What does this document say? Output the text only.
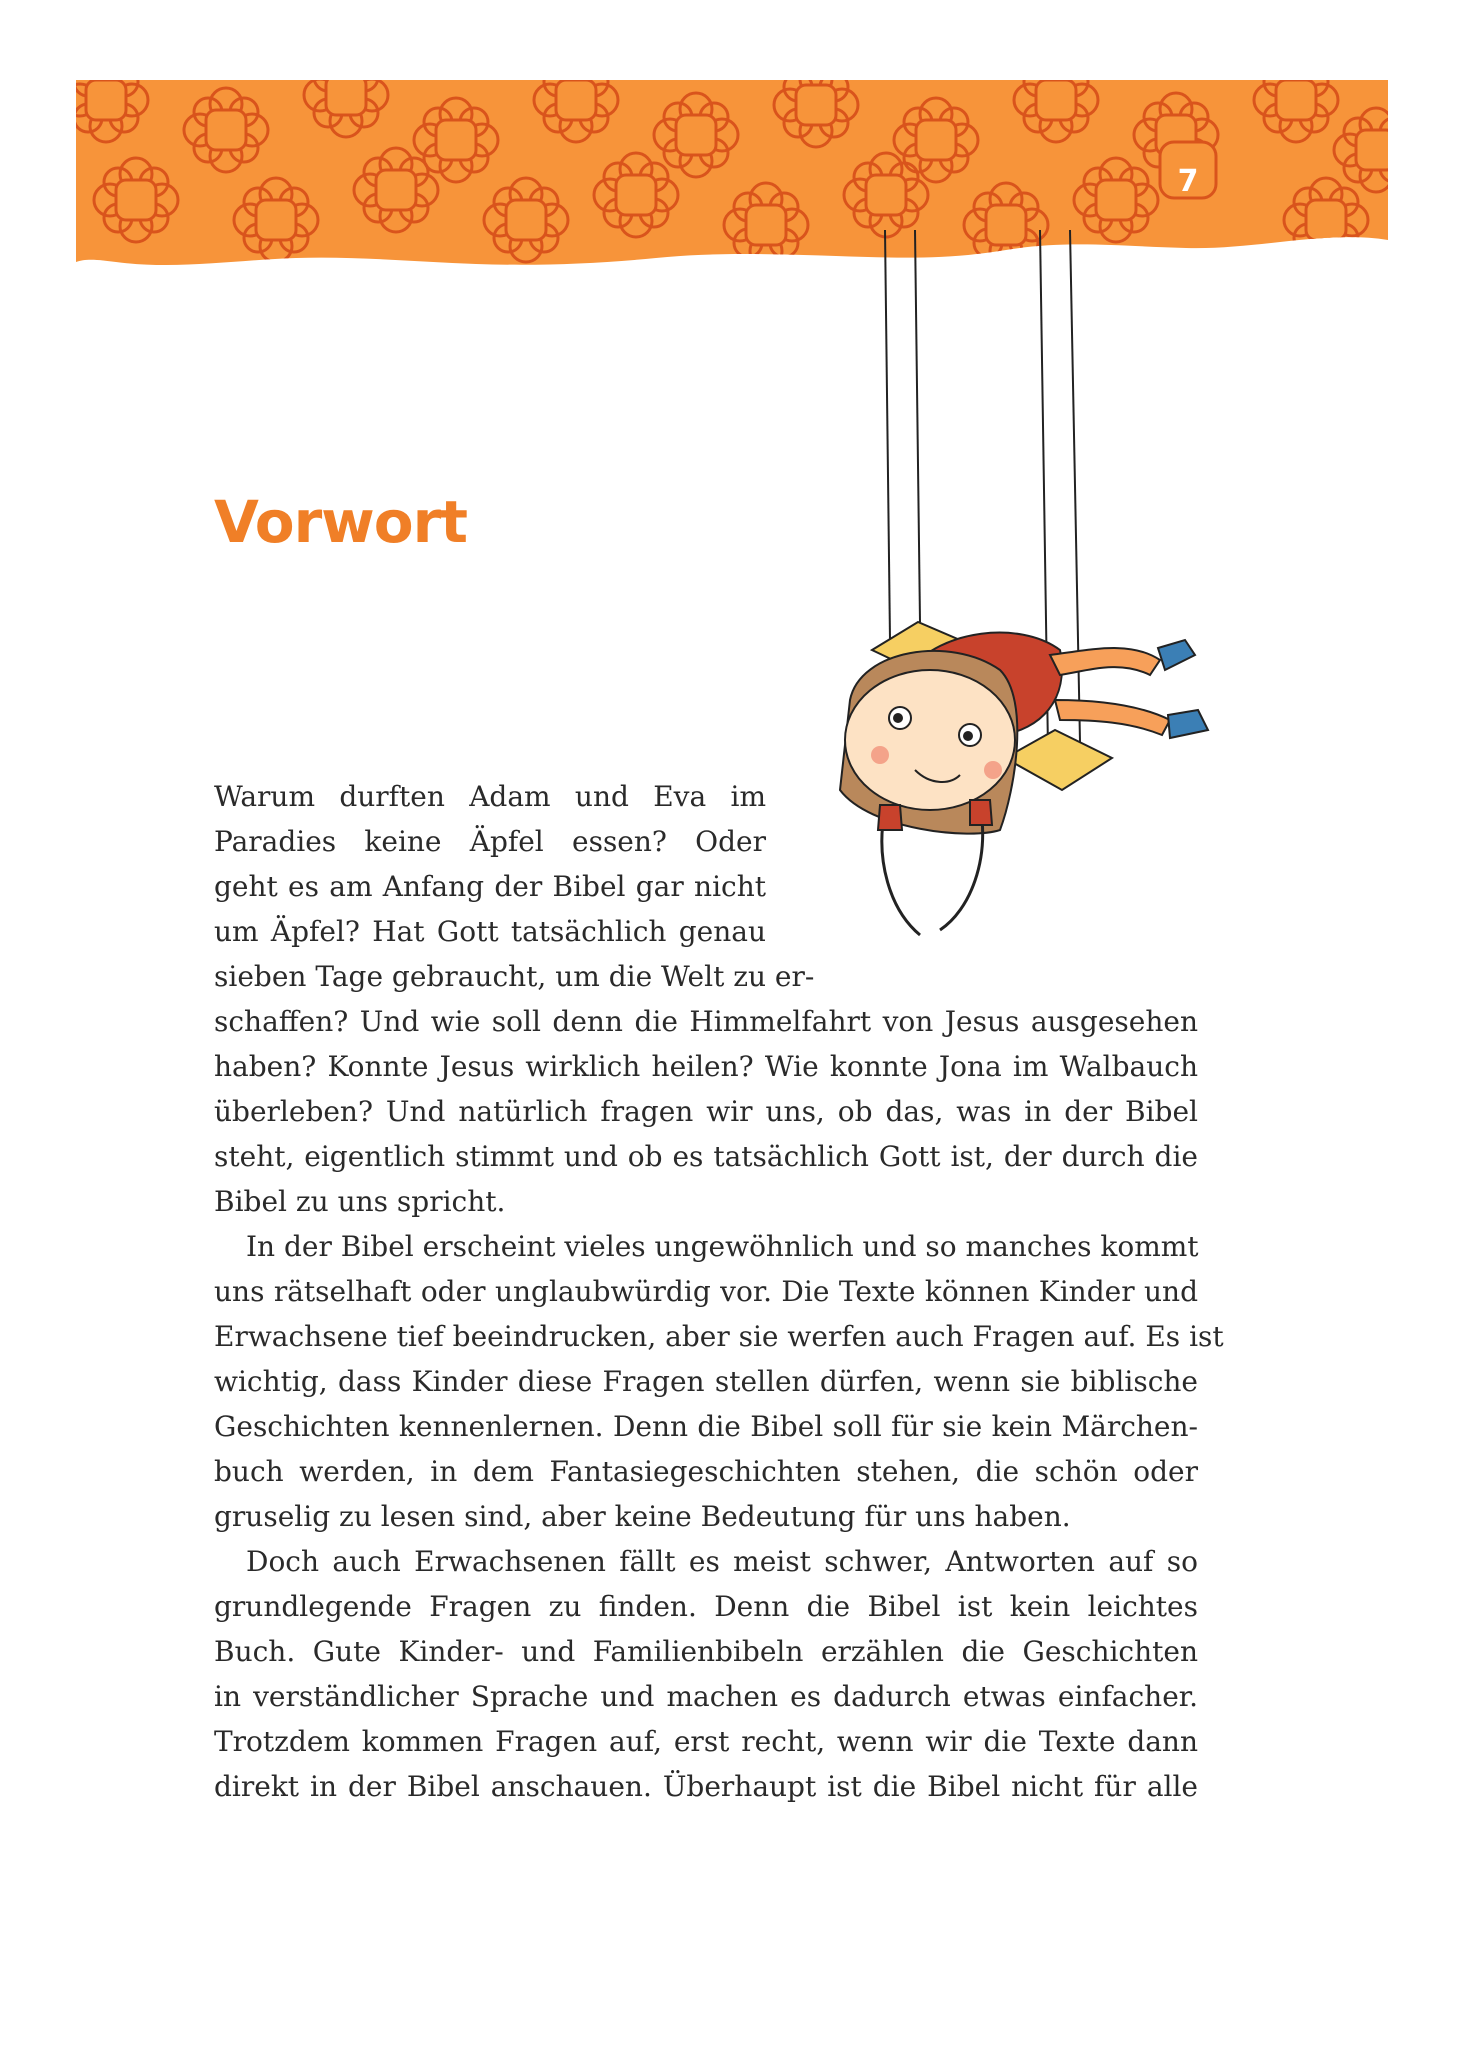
7
Vorwort
Warum durften Adam und Eva im
Paradies keine Äpfel essen? Oder
geht es am Anfang der Bibel gar nicht
um Äpfel? Hat Gott tatsächlich genau
sieben Tage gebraucht, um die Welt zu er-
schaffen? Und wie soll denn die Himmelfahrt von Jesus ausgesehen
haben? Konnte Jesus wirklich heilen? Wie konnte Jona im Walbauch
überleben? Und natürlich fragen wir uns, ob das, was in der Bibel
steht, eigentlich stimmt und ob es tatsächlich Gott ist, der durch die
Bibel zu uns spricht.
In der Bibel erscheint vieles ungewöhnlich und so manches kommt
uns rätselhaft oder unglaubwürdig vor. Die Texte können Kinder und
Erwachsene tief beeindrucken, aber sie werfen auch Fragen auf. Es ist
wichtig, dass Kinder diese Fragen stellen dürfen, wenn sie biblische
Geschichten kennenlernen. Denn die Bibel soll für sie kein Märchen-
buch werden, in dem Fantasiegeschichten stehen, die schön oder
gruselig zu lesen sind, aber keine Bedeutung für uns haben.
Doch auch Erwachsenen fällt es meist schwer, Antworten auf so
grundlegende Fragen zu finden. Denn die Bibel ist kein leichtes
Buch. Gute Kinder- und Familienbibeln erzählen die Geschichten
in verständlicher Sprache und machen es dadurch etwas einfacher.
Trotzdem kommen Fragen auf, erst recht, wenn wir die Texte dann
direkt in der Bibel anschauen. Überhaupt ist die Bibel nicht für alle
